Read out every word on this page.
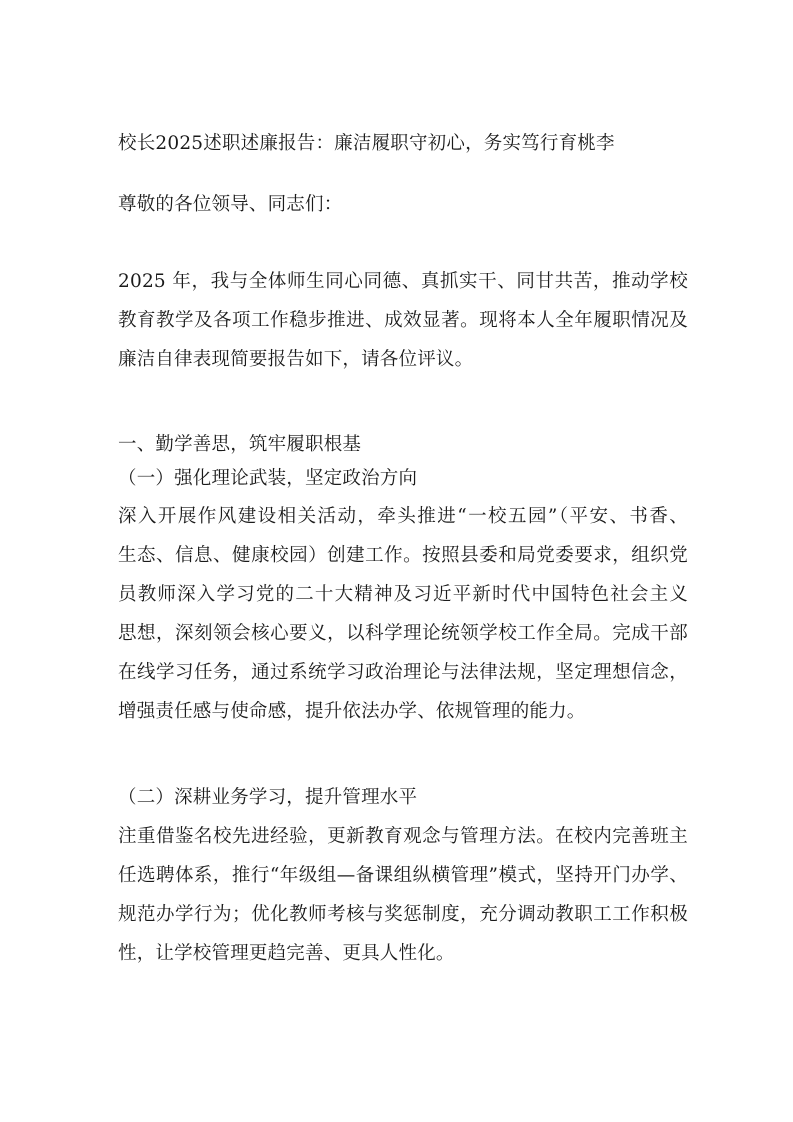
校长2025述职述廉报告：廉洁履职守初心，务实笃行育桃李
尊敬的各位领导、同志们：
2025 年，我与全体师生同心同德、真抓实干、同甘共苦，推动学校
教育教学及各项工作稳步推进、成效显著。现将本人全年履职情况及
廉洁自律表现简要报告如下，请各位评议。
一、勤学善思，筑牢履职根基
（一）强化理论武装，坚定政治方向
深入开展作风建设相关活动，牵头推进“一校五园”（平安、书香、
生态、信息、健康校园）创建工作。按照县委和局党委要求，组织党
员教师深入学习党的二十大精神及习近平新时代中国特色社会主义
思想，深刻领会核心要义，以科学理论统领学校工作全局。完成干部
在线学习任务，通过系统学习政治理论与法律法规，坚定理想信念，
增强责任感与使命感，提升依法办学、依规管理的能力。
（二）深耕业务学习，提升管理水平
注重借鉴名校先进经验，更新教育观念与管理方法。在校内完善班主
任选聘体系，推行“年级组—备课组纵横管理”模式，坚持开门办学、
规范办学行为；优化教师考核与奖惩制度，充分调动教职工工作积极
性，让学校管理更趋完善、更具人性化。
